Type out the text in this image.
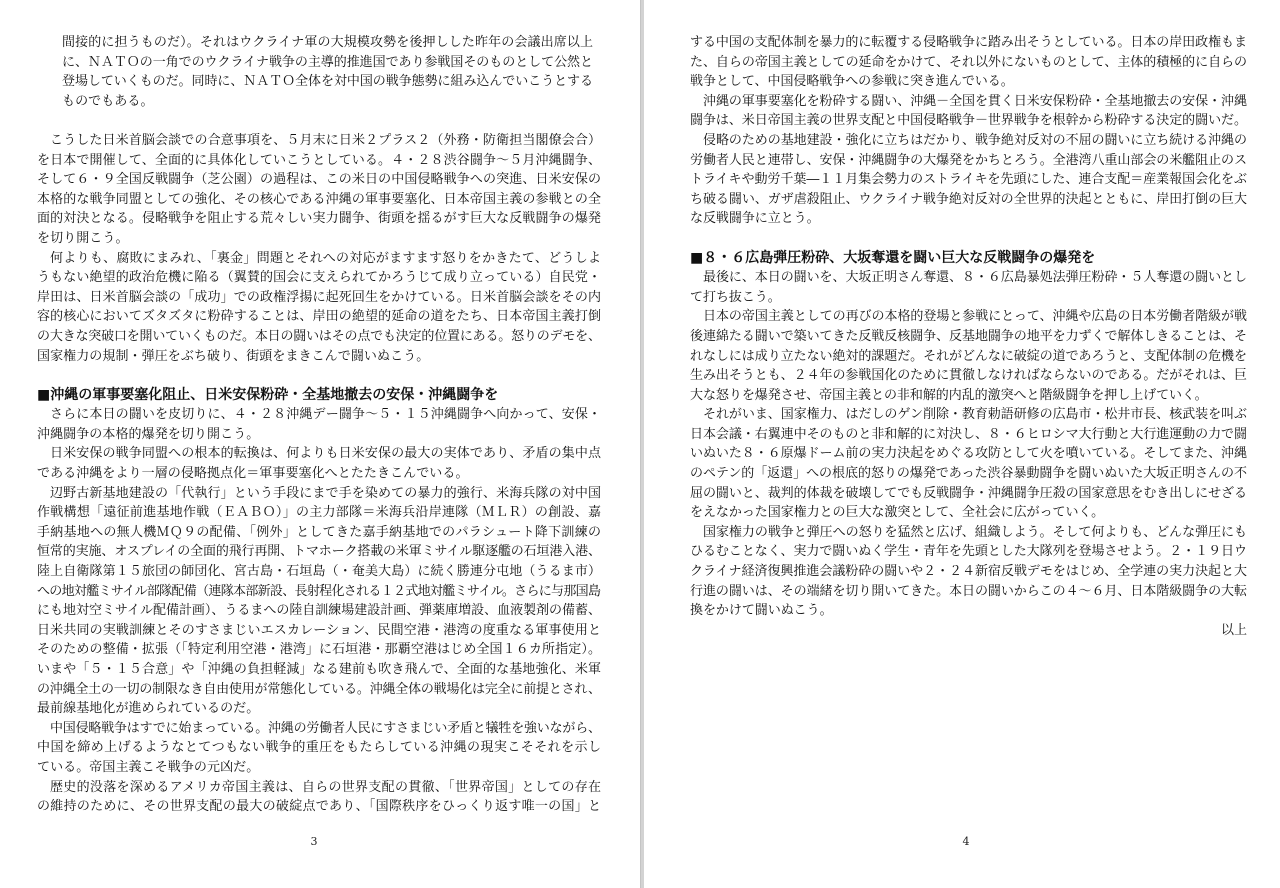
間接的に担うものだ）。それはウクライナ軍の大規模攻勢を後押しした昨年の会議出席以上
に、ＮＡＴＯの一角でのウクライナ戦争の主導的推進国であり参戦国そのものとして公然と
登場していくものだ。同時に、ＮＡＴＯ全体を対中国の戦争態勢に組み込んでいこうとする
ものでもある。
こうした日米首脳会談での合意事項を、５月末に日米２プラス２（外務・防衛担当閣僚会合）
を日本で開催して、全面的に具体化していこうとしている。４・２８渋谷闘争～５月沖縄闘争、
そして６・９全国反戦闘争（芝公園）の過程は、この米日の中国侵略戦争への突進、日米安保の
本格的な戦争同盟としての強化、その核心である沖縄の軍事要塞化、日本帝国主義の参戦との全
面的対決となる。侵略戦争を阻止する荒々しい実力闘争、街頭を揺るがす巨大な反戦闘争の爆発
を切り開こう。
何よりも、腐敗にまみれ、「裏金」問題とそれへの対応がますます怒りをかきたて、どうしよ
うもない絶望的政治危機に陥る（翼賛的国会に支えられてかろうじて成り立っている）自民党・
岸田は、日米首脳会談の「成功」での政権浮揚に起死回生をかけている。日米首脳会談をその内
容的核心においてズタズタに粉砕することは、岸田の絶望的延命の道をたち、日本帝国主義打倒
の大きな突破口を開いていくものだ。本日の闘いはその点でも決定的位置にある。怒りのデモを、
国家権力の規制・弾圧をぶち破り、街頭をまきこんで闘いぬこう。
■沖縄の軍事要塞化阻止、日米安保粉砕・全基地撤去の安保・沖縄闘争を
さらに本日の闘いを皮切りに、４・２８沖縄デー闘争～５・１５沖縄闘争へ向かって、安保・
沖縄闘争の本格的爆発を切り開こう。
日米安保の戦争同盟への根本的転換は、何よりも日米安保の最大の実体であり、矛盾の集中点
である沖縄をより一層の侵略拠点化＝軍事要塞化へとたたきこんでいる。
辺野古新基地建設の「代執行」という手段にまで手を染めての暴力的強行、米海兵隊の対中国
作戦構想「遠征前進基地作戦（ＥＡＢＯ）」の主力部隊＝米海兵沿岸連隊（ＭＬＲ）の創設、嘉
手納基地への無人機ＭＱ９の配備、「例外」としてきた嘉手納基地でのパラシュート降下訓練の
恒常的実施、オスプレイの全面的飛行再開、トマホーク搭載の米軍ミサイル駆逐艦の石垣港入港、
陸上自衛隊第１５旅団の師団化、宮古島・石垣島（・奄美大島）に続く勝連分屯地（うるま市）
への地対艦ミサイル部隊配備（連隊本部新設、長射程化される１２式地対艦ミサイル。さらに与那国島
にも地対空ミサイル配備計画）、うるまへの陸自訓練場建設計画、弾薬庫増設、血液製剤の備蓄、
日米共同の実戦訓練とそのすさまじいエスカレーション、民間空港・港湾の度重なる軍事使用と
そのための整備・拡張（「特定利用空港・港湾」に石垣港・那覇空港はじめ全国１６カ所指定）。
いまや「５・１５合意」や「沖縄の負担軽減」なる建前も吹き飛んで、全面的な基地強化、米軍
の沖縄全土の一切の制限なき自由使用が常態化している。沖縄全体の戦場化は完全に前提とされ、
最前線基地化が進められているのだ。
中国侵略戦争はすでに始まっている。沖縄の労働者人民にすさまじい矛盾と犠牲を強いながら、
中国を締め上げるようなとてつもない戦争的重圧をもたらしている沖縄の現実こそそれを示し
ている。帝国主義こそ戦争の元凶だ。
歴史的没落を深めるアメリカ帝国主義は、自らの世界支配の貫徹、「世界帝国」としての存在
の維持のために、その世界支配の最大の破綻点であり、「国際秩序をひっくり返す唯一の国」と
3
する中国の支配体制を暴力的に転覆する侵略戦争に踏み出そうとしている。日本の岸田政権もま
た、自らの帝国主義としての延命をかけて、それ以外にないものとして、主体的積極的に自らの
戦争として、中国侵略戦争への参戦に突き進んでいる。
沖縄の軍事要塞化を粉砕する闘い、沖縄－全国を貫く日米安保粉砕・全基地撤去の安保・沖縄
闘争は、米日帝国主義の世界支配と中国侵略戦争－世界戦争を根幹から粉砕する決定的闘いだ。
侵略のための基地建設・強化に立ちはだかり、戦争絶対反対の不屈の闘いに立ち続ける沖縄の
労働者人民と連帯し、安保・沖縄闘争の大爆発をかちとろう。全港湾八重山部会の米艦阻止のス
トライキや動労千葉―１１月集会勢力のストライキを先頭にした、連合支配＝産業報国会化をぶ
ち破る闘い、ガザ虐殺阻止、ウクライナ戦争絶対反対の全世界的決起とともに、岸田打倒の巨大
な反戦闘争に立とう。
■８・６広島弾圧粉砕、大坂奪還を闘い巨大な反戦闘争の爆発を
最後に、本日の闘いを、大坂正明さん奪還、８・６広島暴処法弾圧粉砕・５人奪還の闘いとし
て打ち抜こう。
日本の帝国主義としての再びの本格的登場と参戦にとって、沖縄や広島の日本労働者階級が戦
後連綿たる闘いで築いてきた反戦反核闘争、反基地闘争の地平を力ずくで解体しきることは、そ
れなしには成り立たない絶対的課題だ。それがどんなに破綻の道であろうと、支配体制の危機を
生み出そうとも、２４年の参戦国化のために貫徹しなければならないのである。だがそれは、巨
大な怒りを爆発させ、帝国主義との非和解的内乱的激突へと階級闘争を押し上げていく。
それがいま、国家権力、はだしのゲン削除・教育勅語研修の広島市・松井市長、核武装を叫ぶ
日本会議・右翼連中そのものと非和解的に対決し、８・６ヒロシマ大行動と大行進運動の力で闘
いぬいた８・６原爆ドーム前の実力決起をめぐる攻防として火を噴いている。そしてまた、沖縄
のペテン的「返還」への根底的怒りの爆発であった渋谷暴動闘争を闘いぬいた大坂正明さんの不
屈の闘いと、裁判的体裁を破壊してでも反戦闘争・沖縄闘争圧殺の国家意思をむき出しにせざる
をえなかった国家権力との巨大な激突として、全社会に広がっていく。
国家権力の戦争と弾圧への怒りを猛然と広げ、組織しよう。そして何よりも、どんな弾圧にも
ひるむことなく、実力で闘いぬく学生・青年を先頭とした大隊列を登場させよう。２・１９日ウ
クライナ経済復興推進会議粉砕の闘いや２・２４新宿反戦デモをはじめ、全学連の実力決起と大
行進の闘いは、その端緒を切り開いてきた。本日の闘いからこの４～６月、日本階級闘争の大転
換をかけて闘いぬこう。
以上
4
